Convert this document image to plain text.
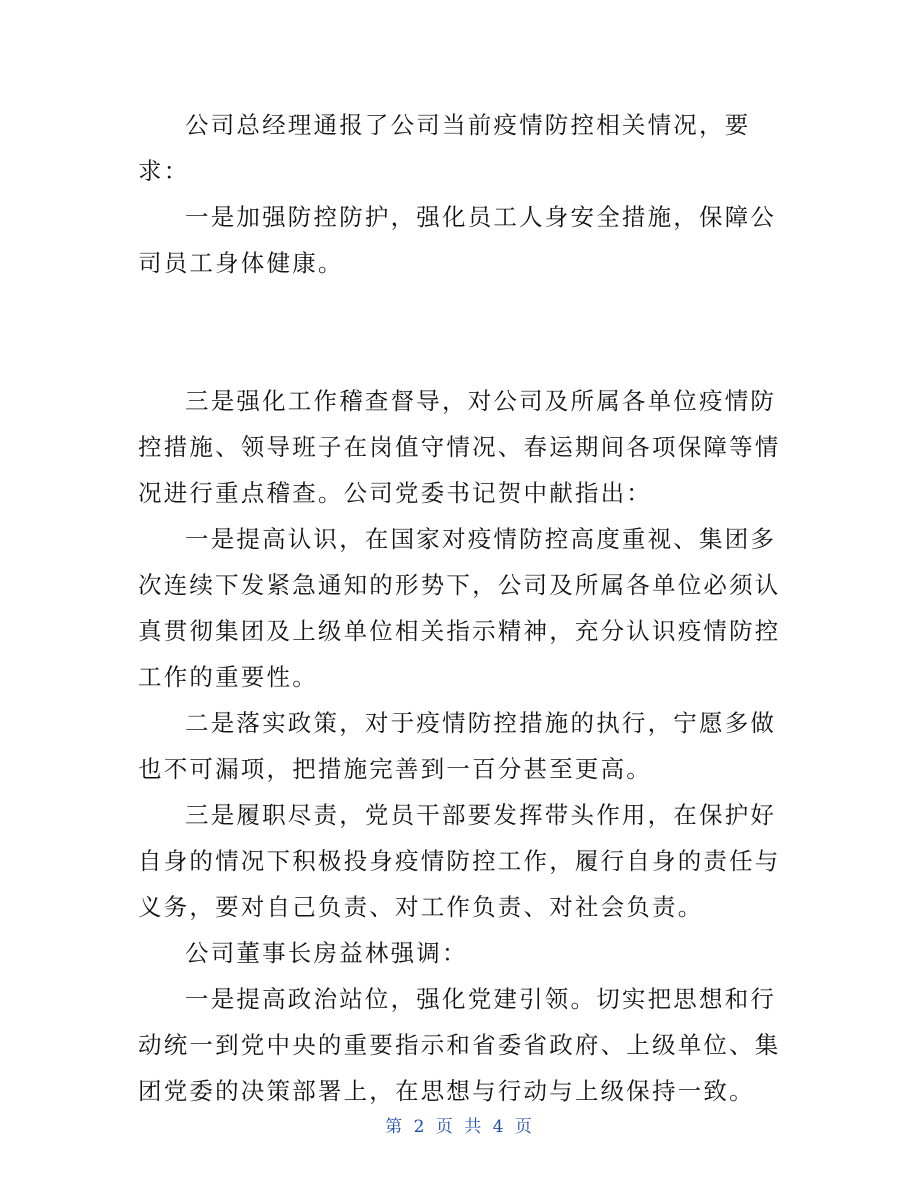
公司总经理通报了公司当前疫情防控相关情况，要求：

一是加强防控防护，强化员工人身安全措施，保障公司员工身体健康。

三是强化工作稽查督导，对公司及所属各单位疫情防控措施、领导班子在岗值守情况、春运期间各项保障等情况进行重点稽查。公司党委书记贺中献指出：

一是提高认识，在国家对疫情防控高度重视、集团多次连续下发紧急通知的形势下，公司及所属各单位必须认真贯彻集团及上级单位相关指示精神，充分认识疫情防控工作的重要性。

二是落实政策，对于疫情防控措施的执行，宁愿多做也不可漏项，把措施完善到一百分甚至更高。

三是履职尽责，党员干部要发挥带头作用，在保护好自身的情况下积极投身疫情防控工作，履行自身的责任与义务，要对自己负责、对工作负责、对社会负责。

公司董事长房益林强调：

一是提高政治站位，强化党建引领。切实把思想和行动统一到党中央的重要指示和省委省政府、上级单位、集团党委的决策部署上，在思想与行动与上级保持一致。

第 2 页 共 4 页
